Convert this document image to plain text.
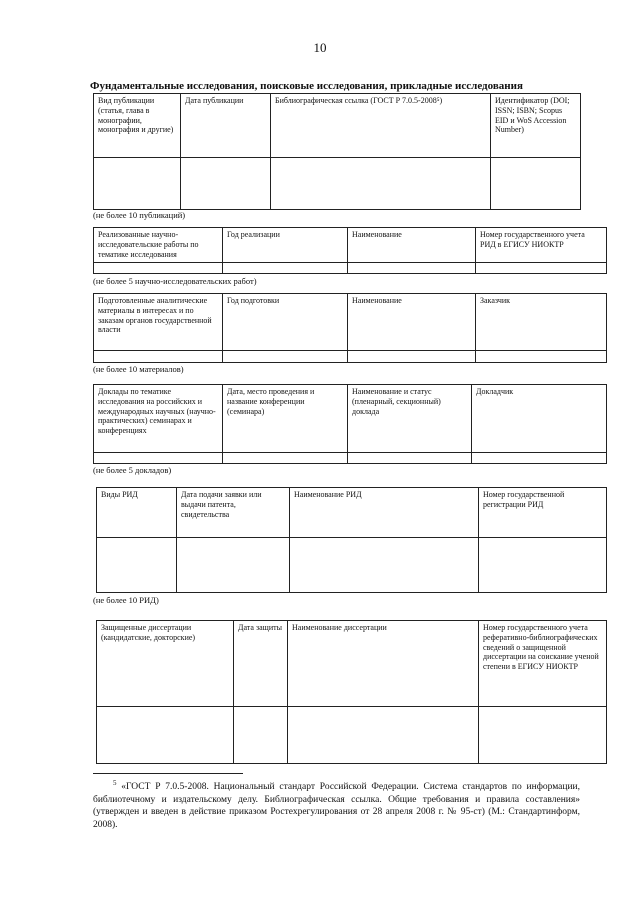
10
Фундаментальные исследования, поисковые исследования, прикладные исследования
Вид публикации (статья, глава в монографии, монография и другие)	Дата публикации	Библиографическая ссылка (ГОСТ Р 7.0.5-2008⁵)	Идентификатор (DOI; ISSN; ISBN; Scopus EID и WoS Accession Number)

(не более 10 публикаций)
Реализованные научно-исследовательские работы по тематике исследования	Год реализации	Наименование	Номер государственного учета РИД в ЕГИСУ НИОКТР

(не более 5 научно-исследовательских работ)
Подготовленные аналитические материалы в интересах и по заказам органов государственной власти	Год подготовки	Наименование	Заказчик

(не более 10 материалов)
Доклады по тематике исследования на российских и международных научных (научно-практических) семинарах и конференциях	Дата, место проведения и название конференции (семинара)	Наименование и статус (пленарный, секционный) доклада	Докладчик

(не более 5 докладов)
Виды РИД	Дата подачи заявки или выдачи патента, свидетельства	Наименование РИД	Номер государственной регистрации РИД

(не более 10 РИД)
Защищенные диссертации (кандидатские, докторские)	Дата защиты	Наименование диссертации	Номер государственного учета реферативно-библиографических сведений о защищенной диссертации на соискание ученой степени в ЕГИСУ НИОКТР

$^5$ «ГОСТ Р 7.0.5-2008. Национальный стандарт Российской Федерации. Система стандартов по информации, библиотечному и издательскому делу. Библиографическая ссылка. Общие требования и правила составления» (утвержден и введен в действие приказом Ростехрегулирования от 28 апреля 2008 г. № 95-ст) (М.: Стандартинформ, 2008).
